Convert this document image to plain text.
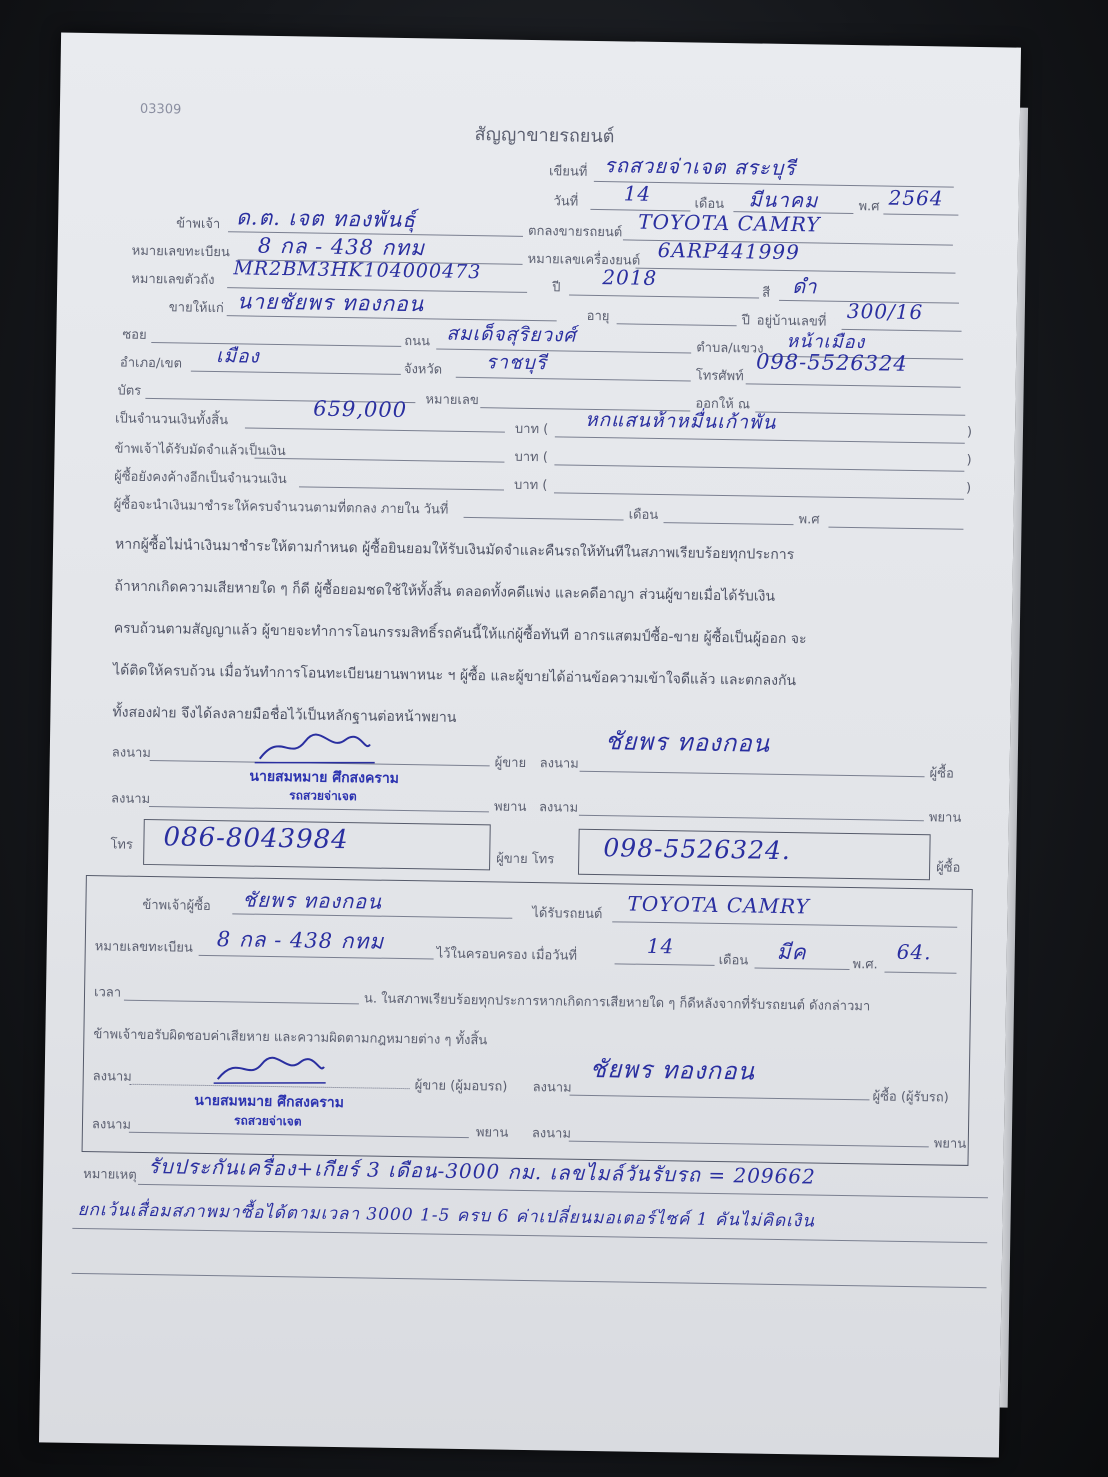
03309
สัญญาขายรถยนต์
เขียนที่ รถสวยจ่าเจต สระบุรี
วันที่ 14	เดือน มีนาคม	พ.ศ 2564
ข้าพเจ้า ด.ต. เจต ทองพันธุ์
ตกลงขายรถยนต์ TOYOTA CAMRY
หมายเลขทะเบียน 8 กล - 438 กทม	หมายเลขเครื่องยนต์ 6ARP441999
หมายเลขตัวถัง MR2BM3HK104000473
ปี 2018
สี ดำ
ขายให้แก่ นายชัยพร ทองกอน
อายุ	ปี อยู่บ้านเลขที่ 300/16
ซอย	ถนน สมเด็จสุริยวงศ์
ตำบล/แขวง หน้าเมือง
อำเภอ/เขต เมือง
จังหวัด ราชบุรี
โทรศัพท์
098-5526324
บัตร
หมายเลข	ออกให้ ณ
เป็นจำนวนเงินทั้งสิ้น	659,000
บาท ( หกแสนห้าหมื่นเก้าพัน	)
ข้าพเจ้าได้รับมัดจำแล้วเป็นเงิน	บาท (	)
ผู้ซื้อยังคงค้างอีกเป็นจำนวนเงิน	บาท (	)
ผู้ซื้อจะนำเงินมาชำระให้ครบจำนวนตามที่ตกลง ภายใน วันที่	เดือน	พ.ศ
หากผู้ซื้อไม่นำเงินมาชำระให้ตามกำหนด ผู้ซื้อยินยอมให้รับเงินมัดจำและคืนรถให้ทันทีในสภาพเรียบร้อยทุกประการ
ถ้าหากเกิดความเสียหายใด ๆ ก็ดี ผู้ซื้อยอมชดใช้ให้ทั้งสิ้น ตลอดทั้งคดีแพ่ง และคดีอาญา ส่วนผู้ขายเมื่อได้รับเงิน
ครบถ้วนตามสัญญาแล้ว ผู้ขายจะทำการโอนกรรมสิทธิ์รถคันนี้ให้แก่ผู้ซื้อทันที อากรแสตมป์ซื้อ-ขาย ผู้ซื้อเป็นผู้ออก จะ
ได้ติดให้ครบถ้วน เมื่อวันทำการโอนทะเบียนยานพาหนะ ฯ ผู้ซื้อ และผู้ขายได้อ่านข้อความเข้าใจดีแล้ว และตกลงกัน
ทั้งสองฝ่าย จึงได้ลงลายมือชื่อไว้เป็นหลักฐานต่อหน้าพยาน
ลงนาม
นายสมหมาย ศึกสงคราม
รถสวยจ่าเจต
ผู้ขาย ลงนาม
ชัยพร ทองกอน
ผู้ซื้อ
ลงนาม
พยาน ลงนาม
พยาน
โทร 086-8043984
ผู้ขาย โทร 098-5526324.
ผู้ซื้อ
ข้าพเจ้าผู้ซื้อ ชัยพร ทองกอน
ได้รับรถยนต์ TOYOTA CAMRY
หมายเลขทะเบียน 8 กล - 438 กทม
ไว้ในครอบครอง เมื่อวันที่	14
เดือน มีค
พ.ศ.
64.
เวลา	น. ในสภาพเรียบร้อยทุกประการหากเกิดการเสียหายใด ๆ ก็ดีหลังจากที่รับรถยนต์ ดังกล่าวมา
ข้าพเจ้าขอรับผิดชอบค่าเสียหาย และความผิดตามกฎหมายต่าง ๆ ทั้งสิ้น
ลงนาม
นายสมหมาย ศึกสงคราม
รถสวยจ่าเจต
ผู้ขาย (ผู้มอบรถ) ลงนาม
ชัยพร ทองกอน
ผู้ซื้อ (ผู้รับรถ)
ลงนาม
พยาน ลงนาม
พยาน
หมายเหตุ รับประกันเครื่อง+เกียร์ 3 เดือน-3000 กม. เลขไมล์วันรับรถ = 209662
ยกเว้นเสื่อมสภาพมาซื้อได้ตามเวลา 3000 1-5 ครบ 6 ค่าเปลี่ยนมอเตอร์ไซค์ 1 คันไม่คิดเงิน
